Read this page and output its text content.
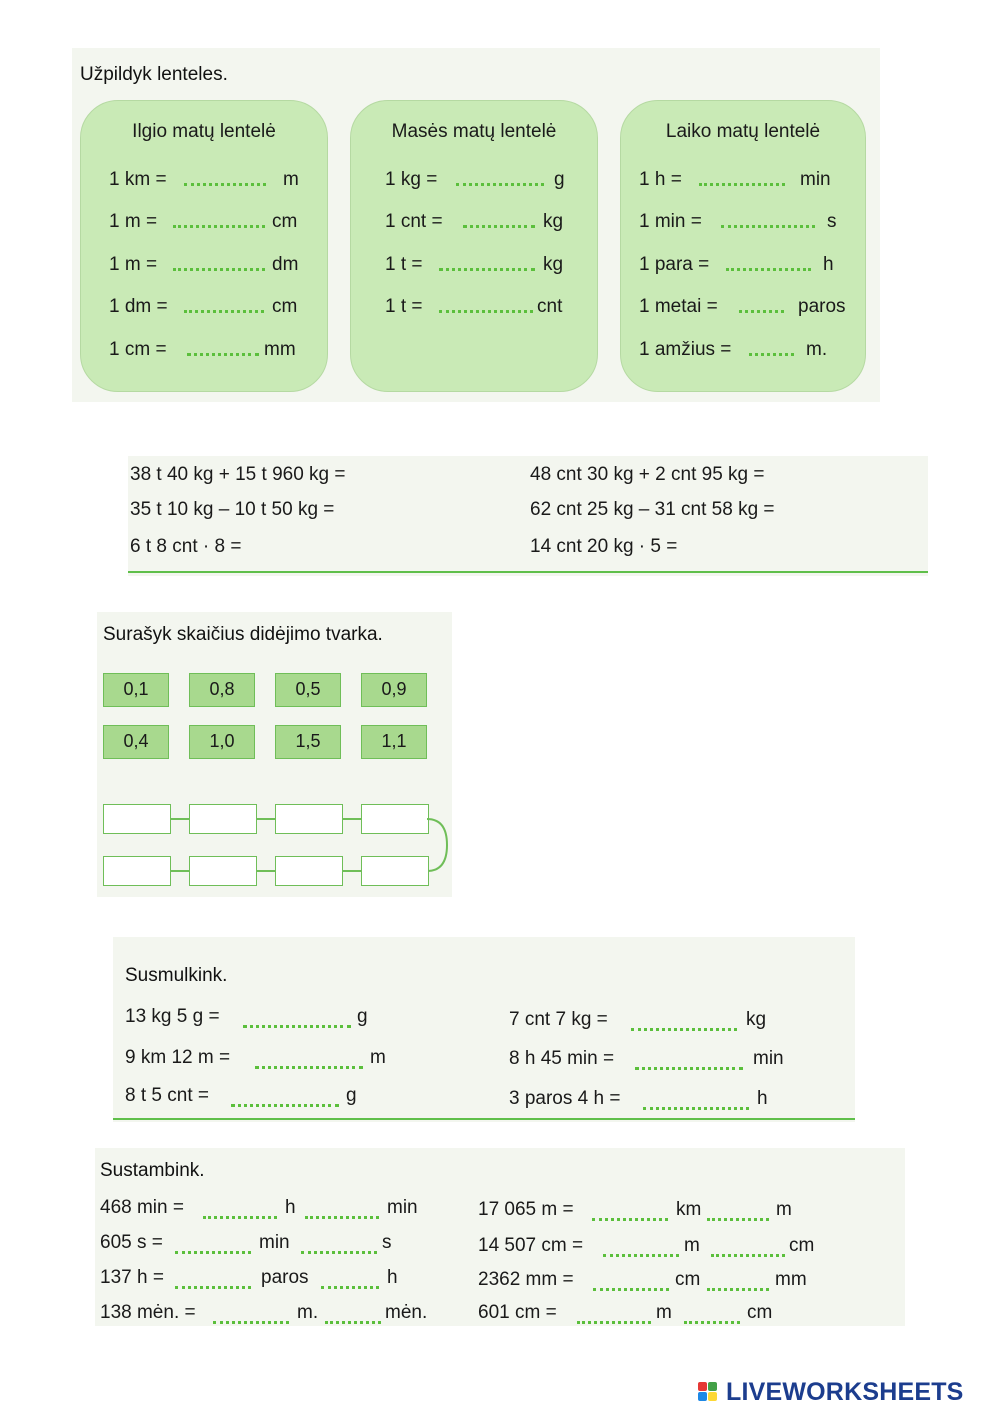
Užpildyk lenteles.
Ilgio matų lentelė
1 km =	m
1 m =	cm
1 m =	dm
1 dm =	cm
1 cm =	mm
Masės matų lentelė
1 kg =	g
1 cnt =	kg
1 t =	kg
1 t =	cnt
Laiko matų lentelė
1 h =	min
1 min =	s
1 para =	h
1 metai =	paros
1 amžius =	m.
38 t 40 kg + 15 t 960 kg =
35 t 10 kg – 10 t 50 kg =
6 t 8 cnt · 8 =
48 cnt 30 kg + 2 cnt 95 kg =
62 cnt 25 kg – 31 cnt 58 kg =
14 cnt 20 kg · 5 =
Surašyk skaičius didėjimo tvarka.
0,1	0,8	0,5	0,9
0,4	1,0	1,5	1,1
Susmulkink.
13 kg 5 g =	g
9 km 12 m =	m
8 t 5 cnt =	g
7 cnt 7 kg =	kg
8 h 45 min =	min
3 paros 4 h =	h
Sustambink.
468 min =	h	min
605 s =	min	s
137 h =	paros	h
138 mėn. =	m.	mėn.
17 065 m =	km	m
14 507 cm =	m	cm
2362 mm =	cm	mm
601 cm =	m	cm
LIVEWORKSHEETS
